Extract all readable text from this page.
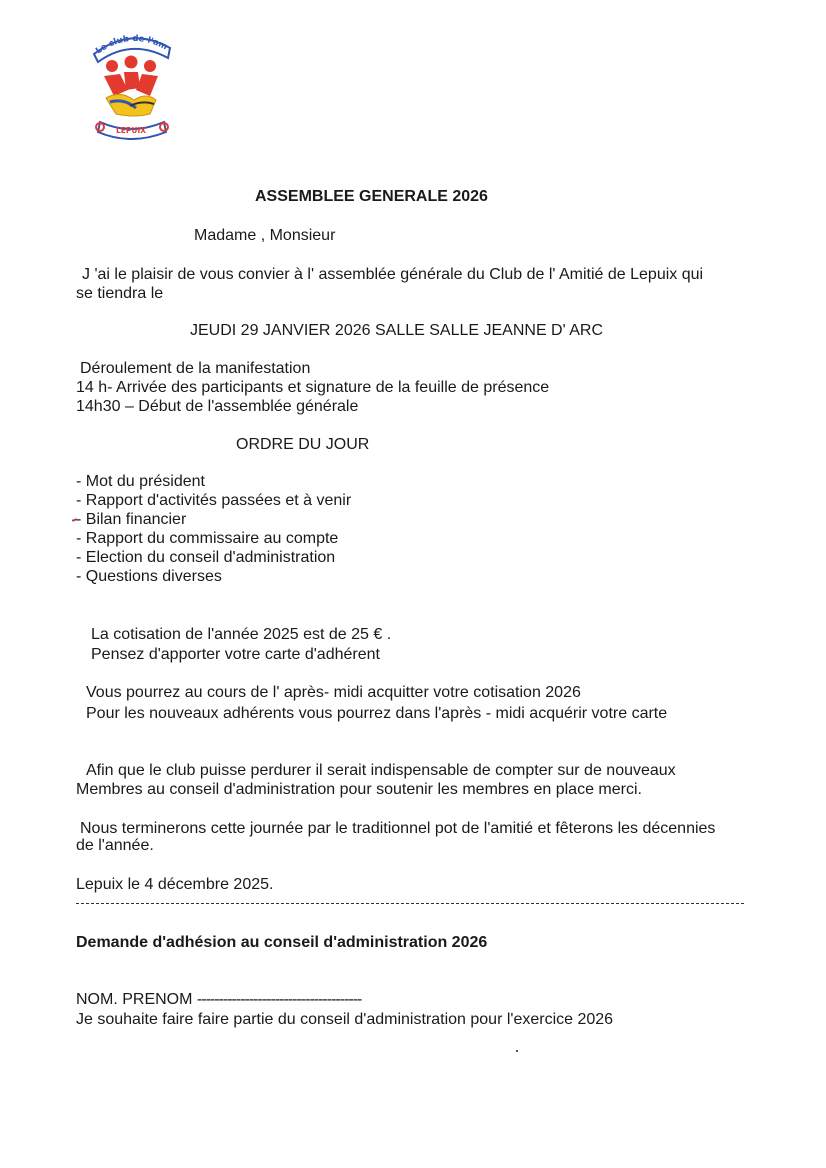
Le club de l'am
LEPUIX
ASSEMBLEE GENERALE 2026
Madame , Monsieur
J 'ai le plaisir de vous convier à l' assemblée générale du Club de l' Amitié de Lepuix qui
se tiendra le
JEUDI 29 JANVIER 2026 SALLE SALLE JEANNE D' ARC
Déroulement de la manifestation
14 h- Arrivée des participants et signature de la feuille de présence
14h30 – Début de l'assemblée générale
ORDRE DU JOUR
- Mot du président
- Rapport d'activités passées et à venir
- Bilan financier
- Rapport du commissaire au compte
- Election du conseil d'administration
- Questions diverses
La cotisation de l'année 2025 est de 25 € .
Pensez d'apporter votre carte d'adhérent
Vous pourrez au cours de l' après- midi acquitter votre cotisation 2026
Pour les nouveaux adhérents vous pourrez dans l'après - midi acquérir votre carte
Afin que le club puisse perdurer il serait indispensable de compter sur de nouveaux
Membres au conseil d'administration pour soutenir les membres en place merci.
Nous terminerons cette journée par le traditionnel pot de l'amitié et fêterons les décennies
de l'année.
Lepuix le 4 décembre 2025.
Demande d'adhésion au conseil d'administration 2026
NOM. PRENOM --------------------------------------
Je souhaite faire faire partie du conseil d'administration pour l'exercice 2026
